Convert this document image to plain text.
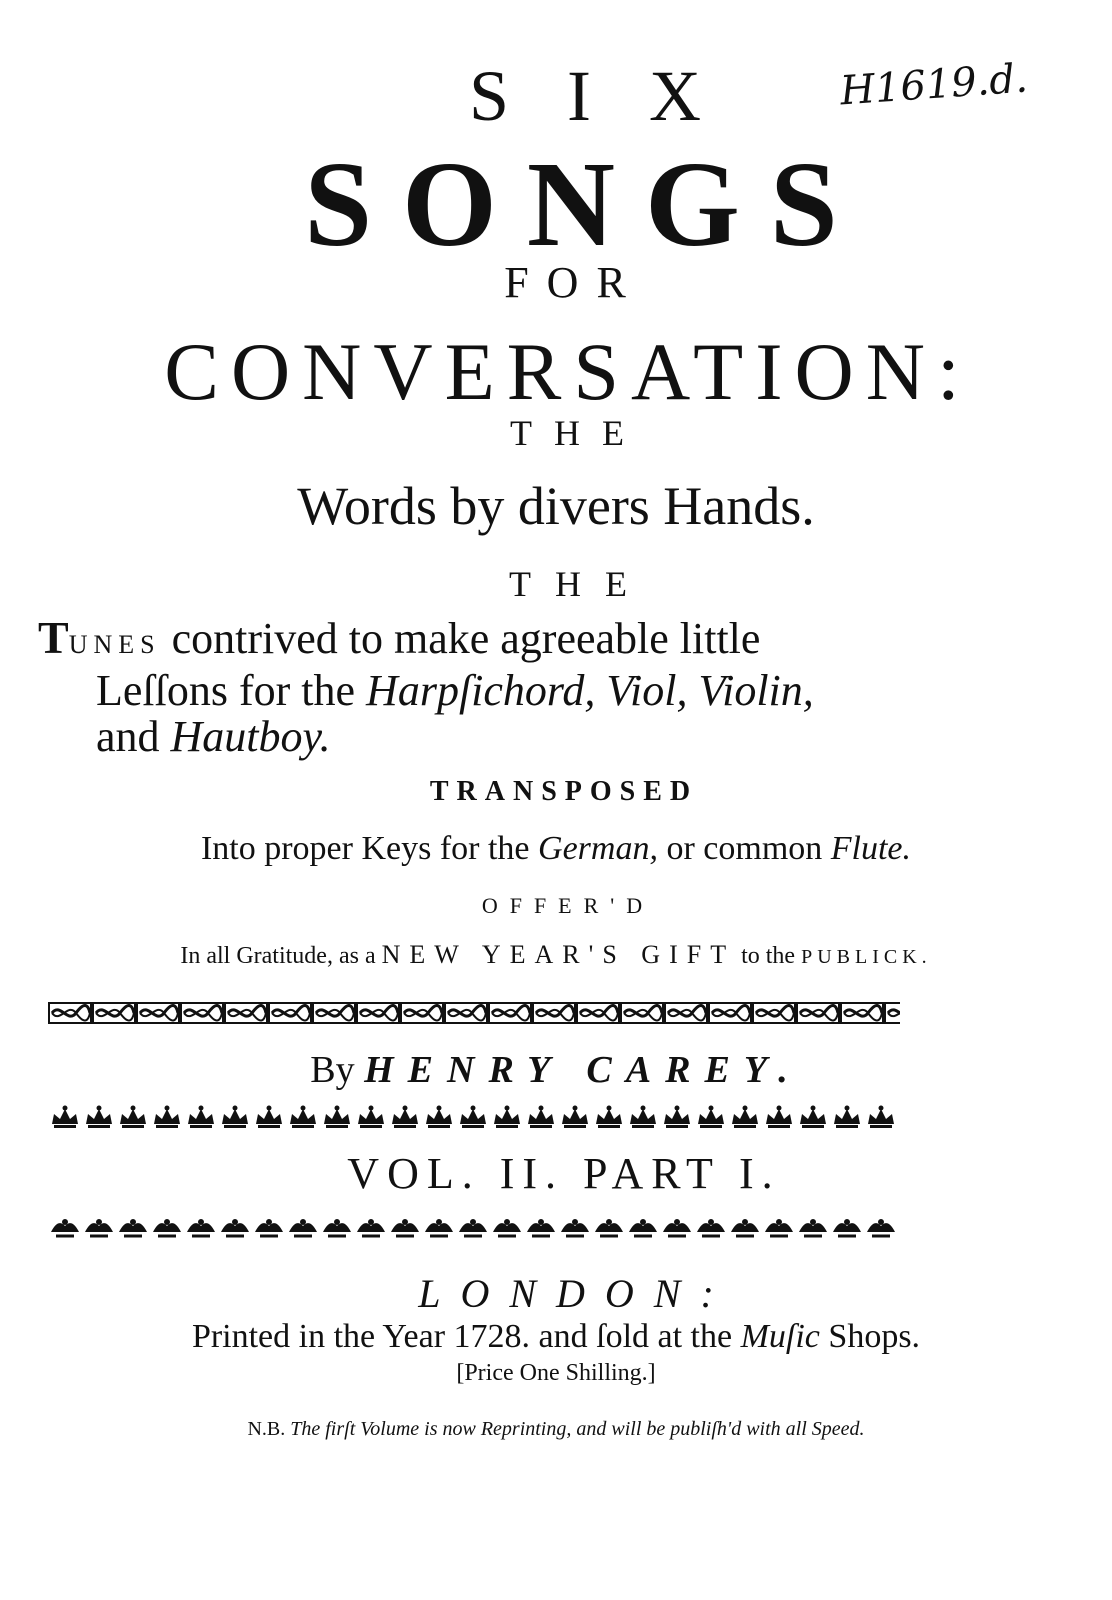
H1619.d.
SIX
SONGS
FOR
CONVERSATION:
THE
Words by divers Hands.
THE
TUNES contrived to make agreeable little
Leſſons for the Harpſichord, Viol, Violin,
and Hautboy.
TRANSPOSED
Into proper Keys for the German, or common Flute.
OFFER'D
In all Gratitude, as a NEW YEAR'S GIFT to the PUBLICK.
By HENRY CAREY.
VOL. II. PART I.
LONDON:
Printed in the Year 1728. and ſold at the Muſic Shops.
[Price One Shilling.]
N.B. The firſt Volume is now Reprinting, and will be publiſh'd with all Speed.
